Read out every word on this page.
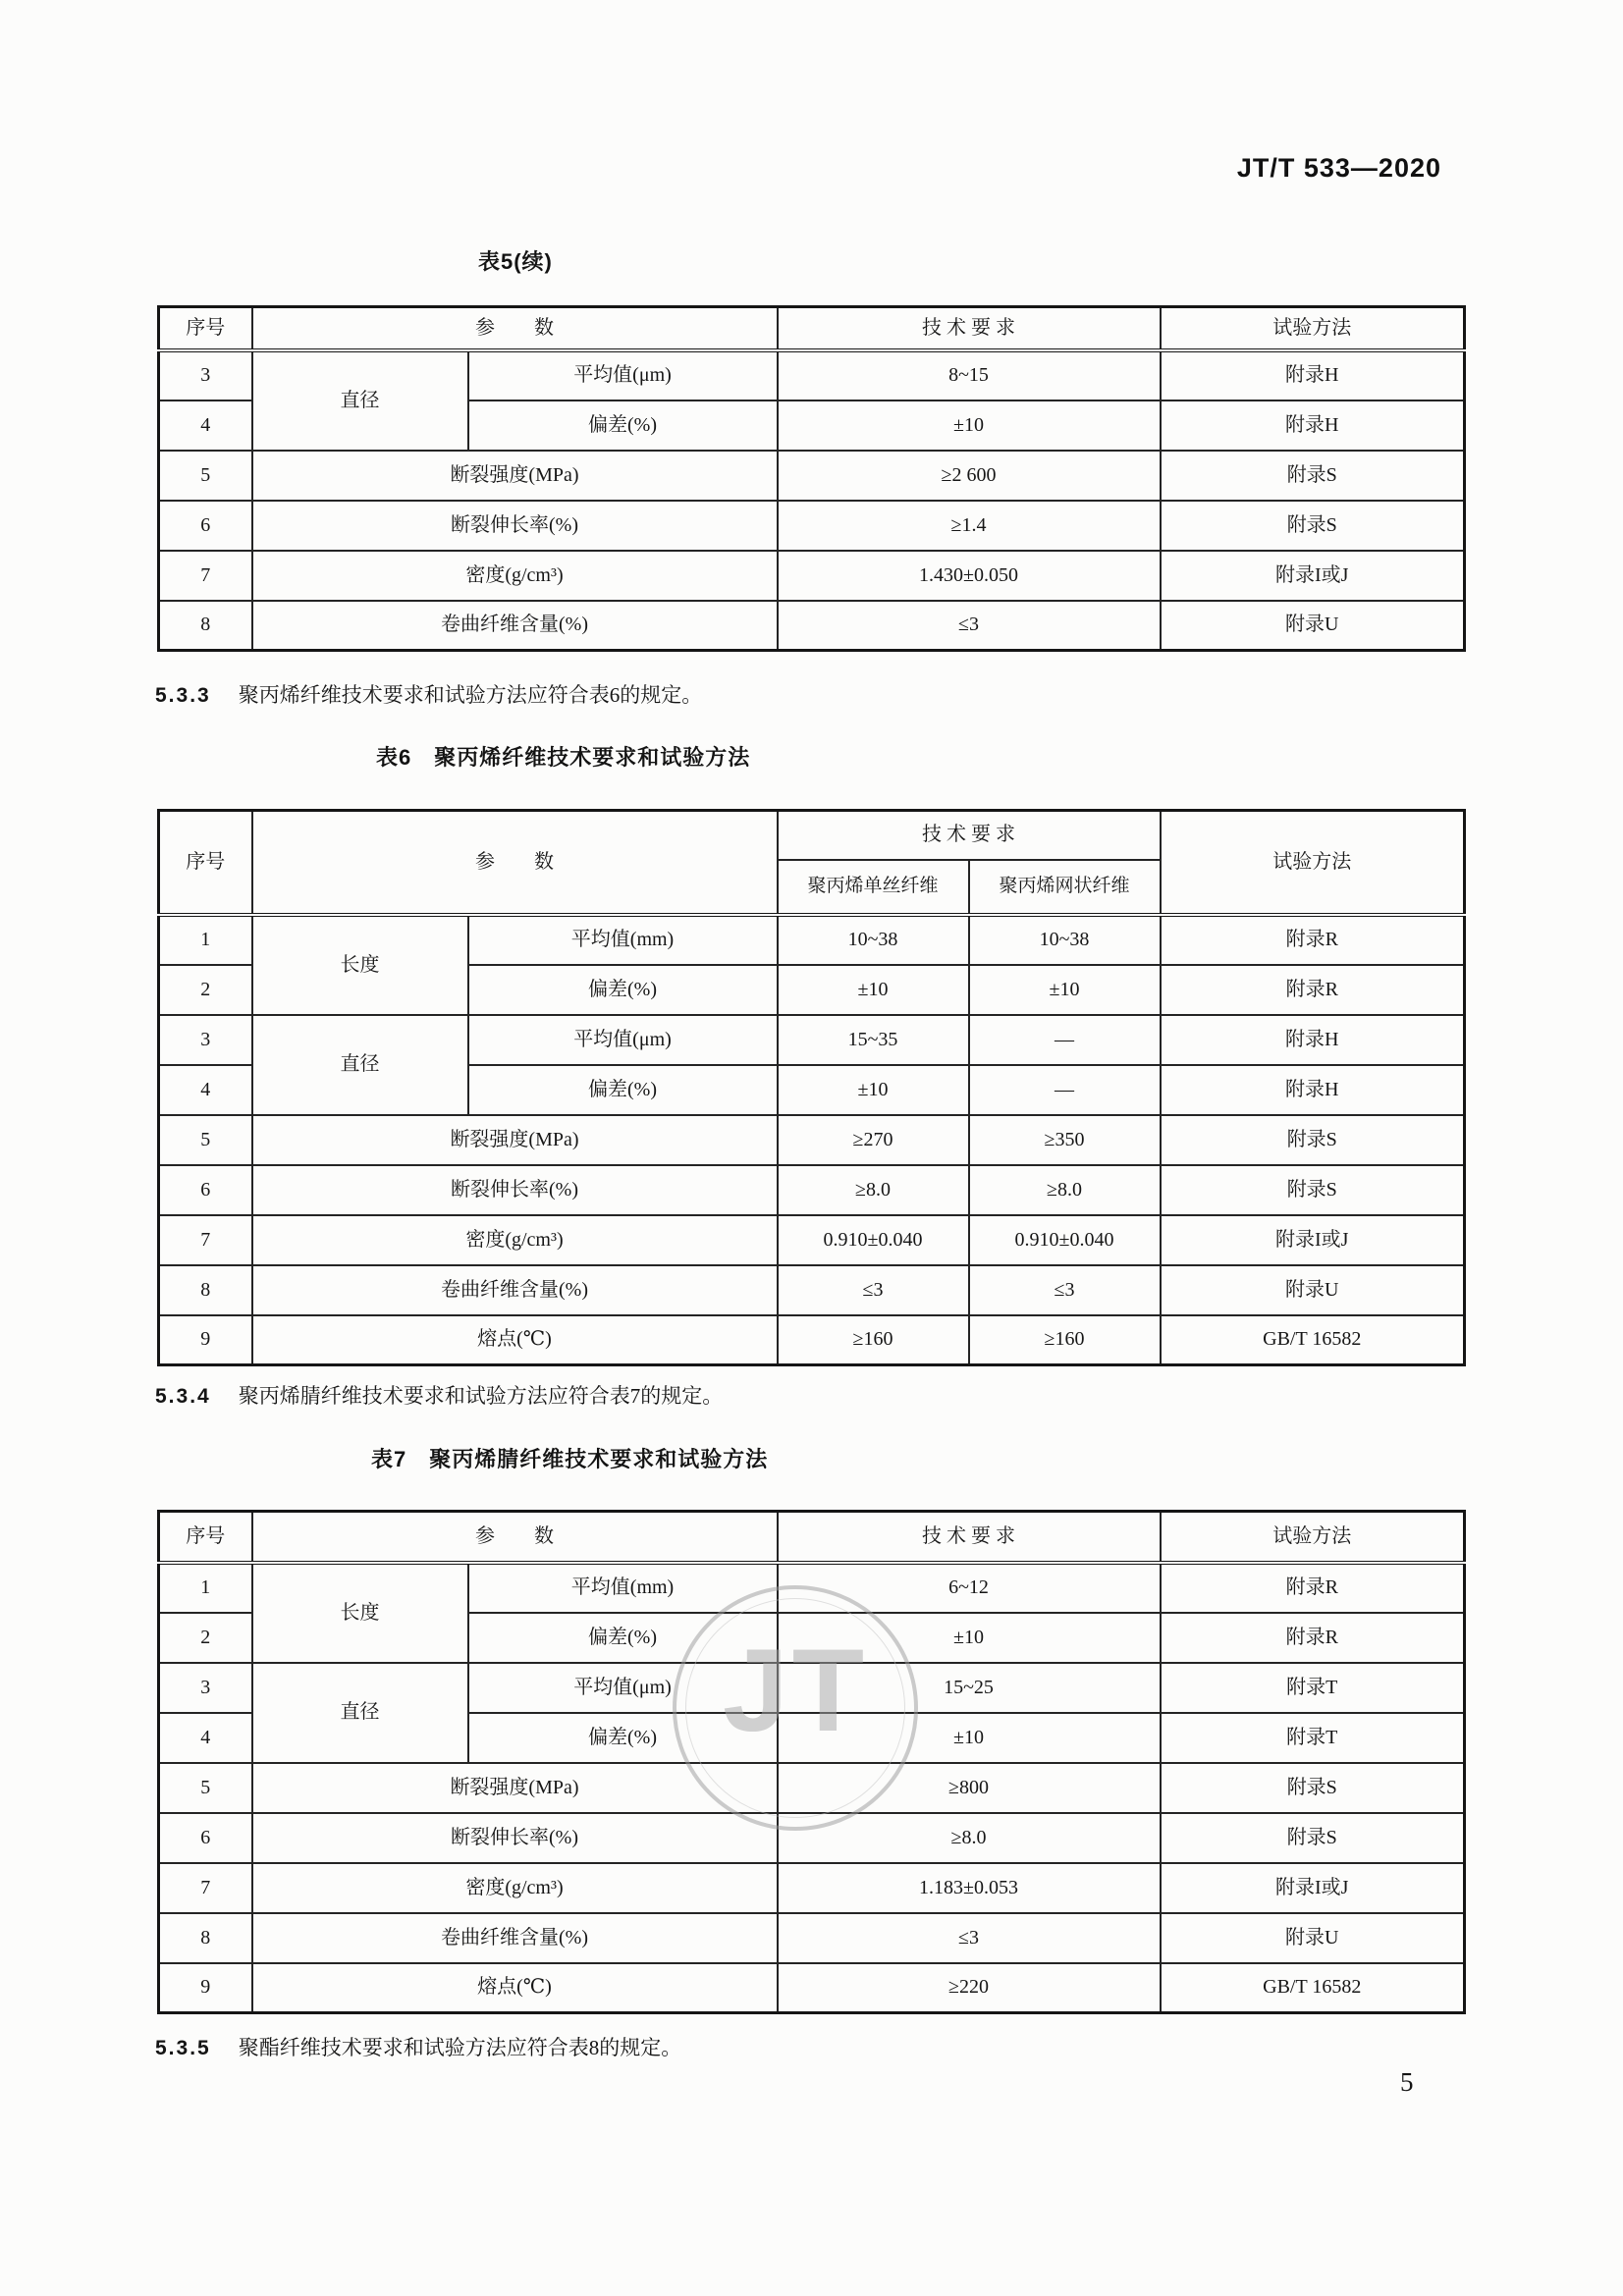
JT/T 533—2020
表5(续)
序号	参　　数		技 术 要 求	试验方法
3	直径	平均值(μm)	8~15	附录H
4		偏差(%)	±10	附录H
5	断裂强度(MPa)		≥2 600	附录S
6	断裂伸长率(%)		≥1.4	附录S
7	密度(g/cm³)		1.430±0.050	附录I或J
8	卷曲纤维含量(%)		≤3	附录U

5.3.3 聚丙烯纤维技术要求和试验方法应符合表6的规定。

表6　聚丙烯纤维技术要求和试验方法
序号	参　　数		技 术 要 求		试验方法
			聚丙烯单丝纤维	聚丙烯网状纤维	
1	长度	平均值(mm)	10~38	10~38	附录R
2		偏差(%)	±10	±10	附录R
3	直径	平均值(μm)	15~35	—	附录H
4		偏差(%)	±10	—	附录H
5	断裂强度(MPa)		≥270	≥350	附录S
6	断裂伸长率(%)		≥8.0	≥8.0	附录S
7	密度(g/cm³)		0.910±0.040	0.910±0.040	附录I或J
8	卷曲纤维含量(%)		≤3	≤3	附录U
9	熔点(℃)		≥160	≥160	GB/T 16582

5.3.4 聚丙烯腈纤维技术要求和试验方法应符合表7的规定。

表7　聚丙烯腈纤维技术要求和试验方法
序号	参　　数		技 术 要 求	试验方法
1	长度	平均值(mm)	6~12	附录R
2		偏差(%)	±10	附录R
3	直径	平均值(μm)	15~25	附录T
4		偏差(%)	±10	附录T
5	断裂强度(MPa)		≥800	附录S
6	断裂伸长率(%)		≥8.0	附录S
7	密度(g/cm³)		1.183±0.053	附录I或J
8	卷曲纤维含量(%)		≤3	附录U
9	熔点(℃)		≥220	GB/T 16582

5.3.5 聚酯纤维技术要求和试验方法应符合表8的规定。

JT
5
